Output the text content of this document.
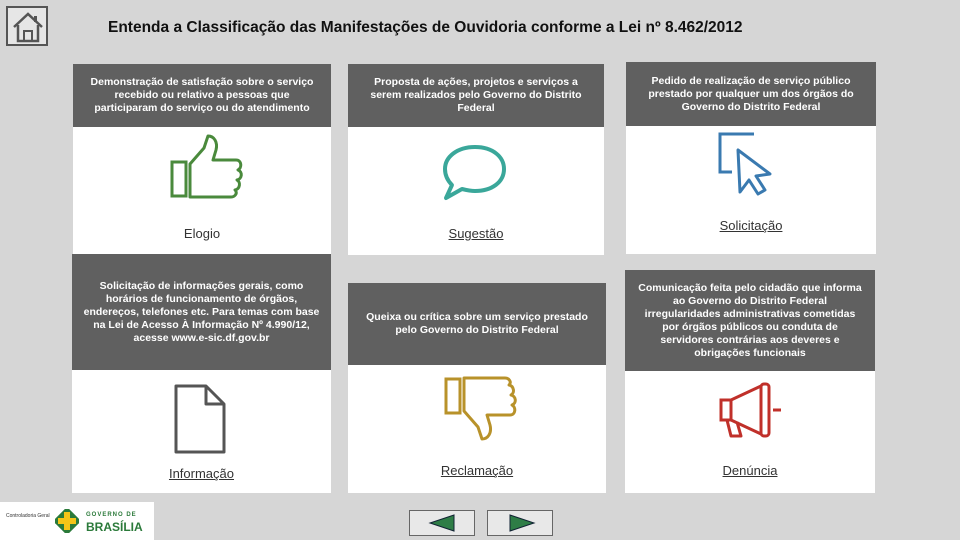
Entenda a Classificação das Manifestações de Ouvidoria conforme a Lei nº 8.462/2012
Demonstração de satisfação sobre o serviço recebido ou relativo a pessoas que participaram do serviço ou do atendimento
Elogio
Proposta de ações, projetos e serviços a serem realizados pelo Governo do Distrito Federal
Sugestão
Pedido de realização de serviço público prestado por qualquer um dos órgãos do Governo do Distrito Federal
Solicitação
Solicitação de informações gerais, como horários de funcionamento de órgãos, endereços, telefones etc. Para temas com base na Lei de Acesso À Informação Nº 4.990/12, acesse www.e-sic.df.gov.br
Informação
Queixa ou crítica sobre um serviço prestado pelo Governo do Distrito Federal
Reclamação
Comunicação feita pelo cidadão que informa ao Governo do Distrito Federal irregularidades administrativas cometidas por órgãos públicos ou conduta de servidores contrárias aos deveres e obrigações funcionais
Denúncia
Controladoria Geral	GOVERNO DE
BRASÍLIA
